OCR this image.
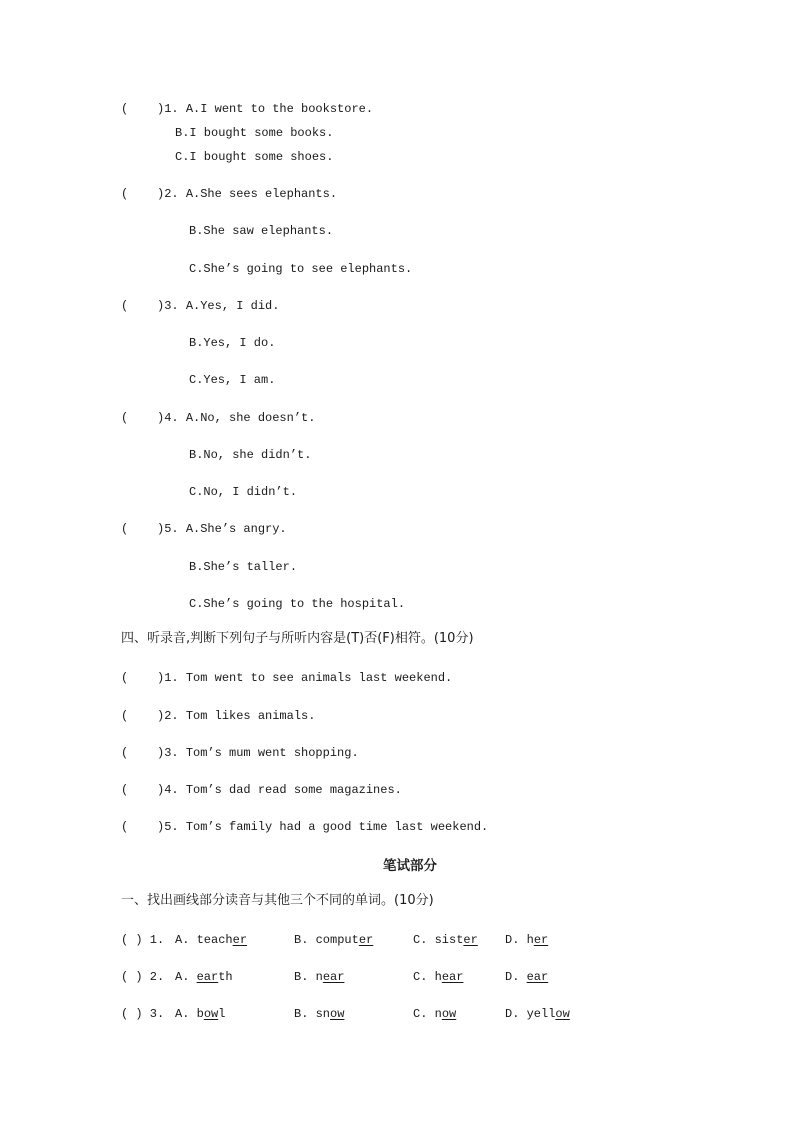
(    )1. A.I went to the bookstore.
B.I bought some books.
C.I bought some shoes.
(    )2. A.She sees elephants.
B.She saw elephants.
C.She’s going to see elephants.
(    )3. A.Yes, I did.
B.Yes, I do.
C.Yes, I am.
(    )4. A.No, she doesn’t.
B.No, she didn’t.
C.No, I didn’t.
(    )5. A.She’s angry.
B.She’s taller.
C.She’s going to the hospital.
四、听录音,判断下列句子与所听内容是(T)否(F)相符。(10分)
(    )1. Tom went to see animals last weekend.
(    )2. Tom likes animals.
(    )3. Tom’s mum went shopping.
(    )4. Tom’s dad read some magazines.
(    )5. Tom’s family had a good time last weekend.
笔试部分
一、找出画线部分读音与其他三个不同的单词。(10分)
( ) 1. A. teacher	B. computer	C. sister D. her
( ) 2. A. earth	B. near	C. hear	D. ear
( ) 3. A. bowl	B. snow	C. now	D. yellow
